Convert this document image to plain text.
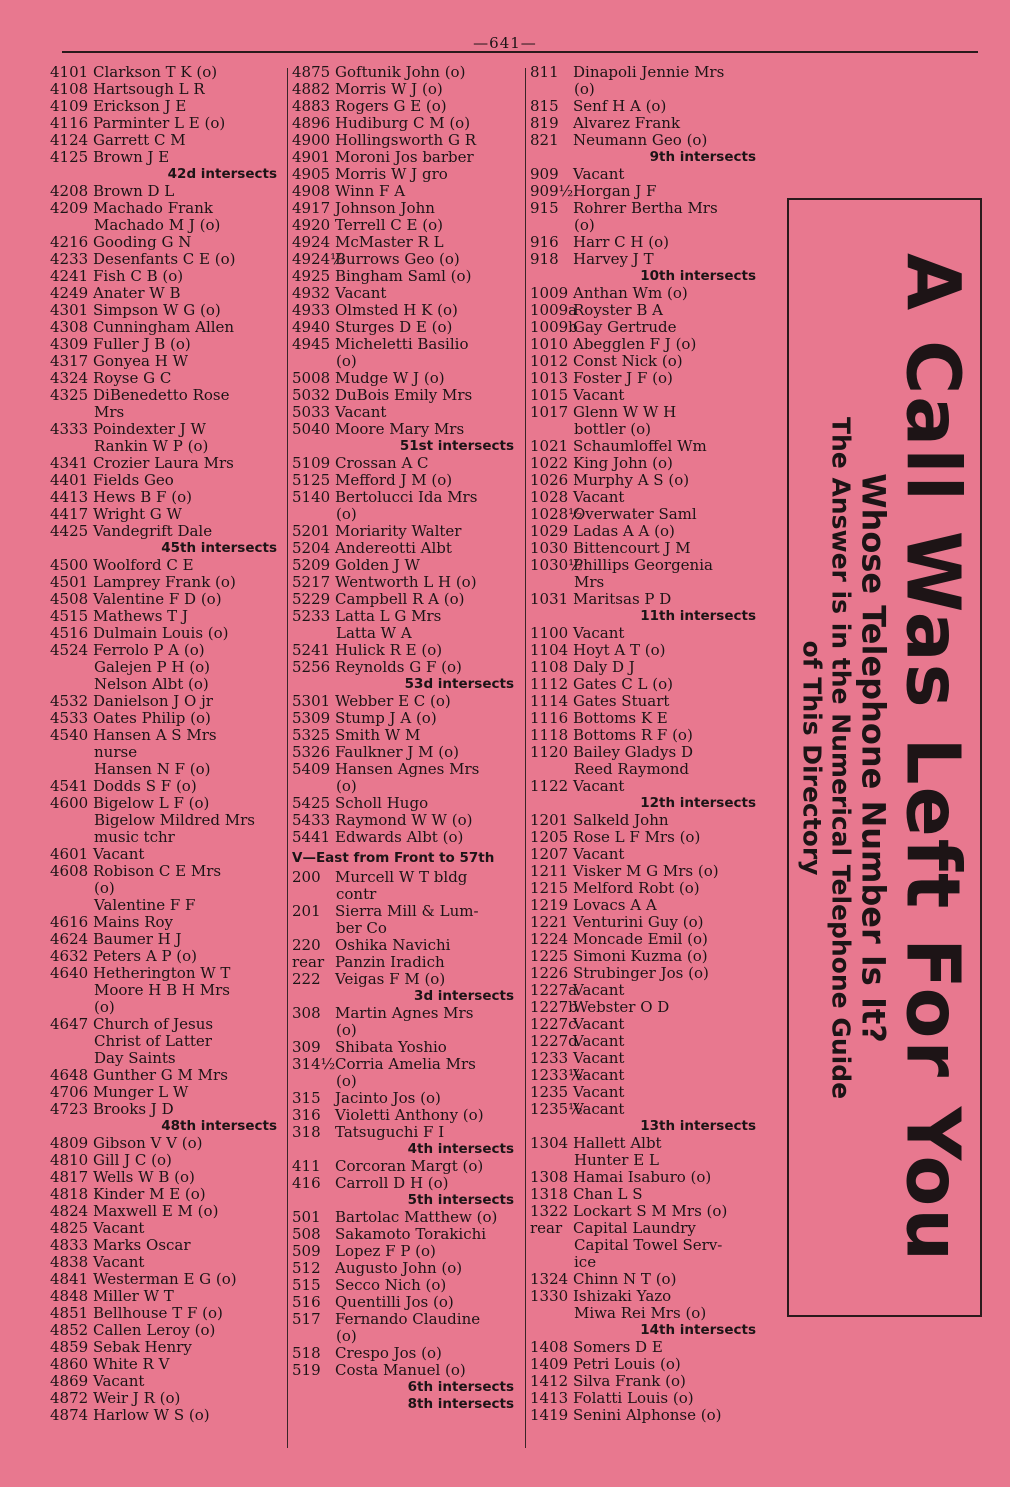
—641—
4101 Clarkson T K (o)
4108 Hartsough L R
4109 Erickson J E
4116 Parminter L E (o)
4124 Garrett C M
4125 Brown J E
42d intersects
4208 Brown D L
4209 Machado Frank
Machado M J (o)
4216 Gooding G N
4233 Desenfants C E (o)
4241 Fish C B (o)
4249 Anater W B
4301 Simpson W G (o)
4308 Cunningham Allen
4309 Fuller J B (o)
4317 Gonyea H W
4324 Royse G C
4325 DiBenedetto Rose
Mrs
4333 Poindexter J W
Rankin W P (o)
4341 Crozier Laura Mrs
4401 Fields Geo
4413 Hews B F (o)
4417 Wright G W
4425 Vandegrift Dale
45th intersects
4500 Woolford C E
4501 Lamprey Frank (o)
4508 Valentine F D (o)
4515 Mathews T J
4516 Dulmain Louis (o)
4524 Ferrolo P A (o)
Galejen P H (o)
Nelson Albt (o)
4532 Danielson J O jr
4533 Oates Philip (o)
4540 Hansen A S Mrs
nurse
Hansen N F (o)
4541 Dodds S F (o)
4600 Bigelow L F (o)
Bigelow Mildred Mrs
music tchr
4601 Vacant
4608 Robison C E Mrs
(o)
Valentine F F
4616 Mains Roy
4624 Baumer H J
4632 Peters A P (o)
4640 Hetherington W T
Moore H B H Mrs
(o)
4647 Church of Jesus
Christ of Latter
Day Saints
4648 Gunther G M Mrs
4706 Munger L W
4723 Brooks J D
48th intersects
4809 Gibson V V (o)
4810 Gill J C (o)
4817 Wells W B (o)
4818 Kinder M E (o)
4824 Maxwell E M (o)
4825 Vacant
4833 Marks Oscar
4838 Vacant
4841 Westerman E G (o)
4848 Miller W T
4851 Bellhouse T F (o)
4852 Callen Leroy (o)
4859 Sebak Henry
4860 White R V
4869 Vacant
4872 Weir J R (o)
4874 Harlow W S (o)
4875 Goftunik John (o)
4882 Morris W J (o)
4883 Rogers G E (o)
4896 Hudiburg C M (o)
4900 Hollingsworth G R
4901 Moroni Jos barber
4905 Morris W J gro
4908 Winn F A
4917 Johnson John
4920 Terrell C E (o)
4924 McMaster R L
4924½
Burrows Geo (o)
4925 Bingham Saml (o)
4932 Vacant
4933 Olmsted H K (o)
4940 Sturges D E (o)
4945 Micheletti Basilio
(o)
5008 Mudge W J (o)
5032 DuBois Emily Mrs
5033 Vacant
5040 Moore Mary Mrs
51st intersects
5109 Crossan A C
5125 Mefford J M (o)
5140 Bertolucci Ida Mrs
(o)
5201 Moriarity Walter
5204 Andereotti Albt
5209 Golden J W
5217 Wentworth L H (o)
5229 Campbell R A (o)
5233 Latta L G Mrs
Latta W A
5241 Hulick R E (o)
5256 Reynolds G F (o)
53d intersects
5301 Webber E C (o)
5309 Stump J A (o)
5325 Smith W M
5326 Faulkner J M (o)
5409 Hansen Agnes Mrs
(o)
5425 Scholl Hugo
5433 Raymond W W (o)
5441 Edwards Albt (o)
V—East from Front to 57th
200 Murcell W T bldg
contr
201 Sierra Mill & Lum-
ber Co
220 Oshika Navichi
rear Panzin Iradich
222 Veigas F M (o)
3d intersects
308 Martin Agnes Mrs
(o)
309 Shibata Yoshio
314½ Corria Amelia Mrs
(o)
315 Jacinto Jos (o)
316 Violetti Anthony (o)
318 Tatsuguchi F I
4th intersects
411 Corcoran Margt (o)
416 Carroll D H (o)
5th intersects
501 Bartolac Matthew (o)
508 Sakamoto Torakichi
509 Lopez F P (o)
512 Augusto John (o)
515 Secco Nich (o)
516 Quentilli Jos (o)
517 Fernando Claudine
(o)
518 Crespo Jos (o)
519 Costa Manuel (o)
6th intersects
8th intersects
811 Dinapoli Jennie Mrs
(o)
815 Senf H A (o)
819 Alvarez Frank
821 Neumann Geo (o)
9th intersects
909 Vacant
909½ Horgan J F
915 Rohrer Bertha Mrs
(o)
916 Harr C H (o)
918 Harvey J T
10th intersects
1009 Anthan Wm (o)
1009a
Royster B A
1009b
Gay Gertrude
1010 Abegglen F J (o)
1012 Const Nick (o)
1013 Foster J F (o)
1015 Vacant
1017 Glenn W W H
bottler (o)
1021 Schaumloffel Wm
1022 King John (o)
1026 Murphy A S (o)
1028 Vacant
1028½
Overwater Saml
1029 Ladas A A (o)
1030 Bittencourt J M
1030½
Phillips Georgenia
Mrs
1031 Maritsas P D
11th intersects
1100 Vacant
1104 Hoyt A T (o)
1108 Daly D J
1112 Gates C L (o)
1114 Gates Stuart
1116 Bottoms K E
1118 Bottoms R F (o)
1120 Bailey Gladys D
Reed Raymond
1122 Vacant
12th intersects
1201 Salkeld John
1205 Rose L F Mrs (o)
1207 Vacant
1211 Visker M G Mrs (o)
1215 Melford Robt (o)
1219 Lovacs A A
1221 Venturini Guy (o)
1224 Moncade Emil (o)
1225 Simoni Kuzma (o)
1226 Strubinger Jos (o)
1227a
Vacant
1227b
Webster O D
1227c
Vacant
1227d
Vacant
1233 Vacant
1233½
Vacant
1235 Vacant
1235½
Vacant
13th intersects
1304 Hallett Albt
Hunter E L
1308 Hamai Isaburo (o)
1318 Chan L S
1322 Lockart S M Mrs (o)
rear Capital Laundry
Capital Towel Serv-
ice
1324 Chinn N T (o)
1330 Ishizaki Yazo
Miwa Rei Mrs (o)
14th intersects
1408 Somers D E
1409 Petri Louis (o)
1412 Silva Frank (o)
1413 Folatti Louis (o)
1419 Senini Alphonse (o)
A Call Was Left For You
Whose Telephone Number Is It?
The Answer is in the Numerical Telephone Guide
of This Directory
